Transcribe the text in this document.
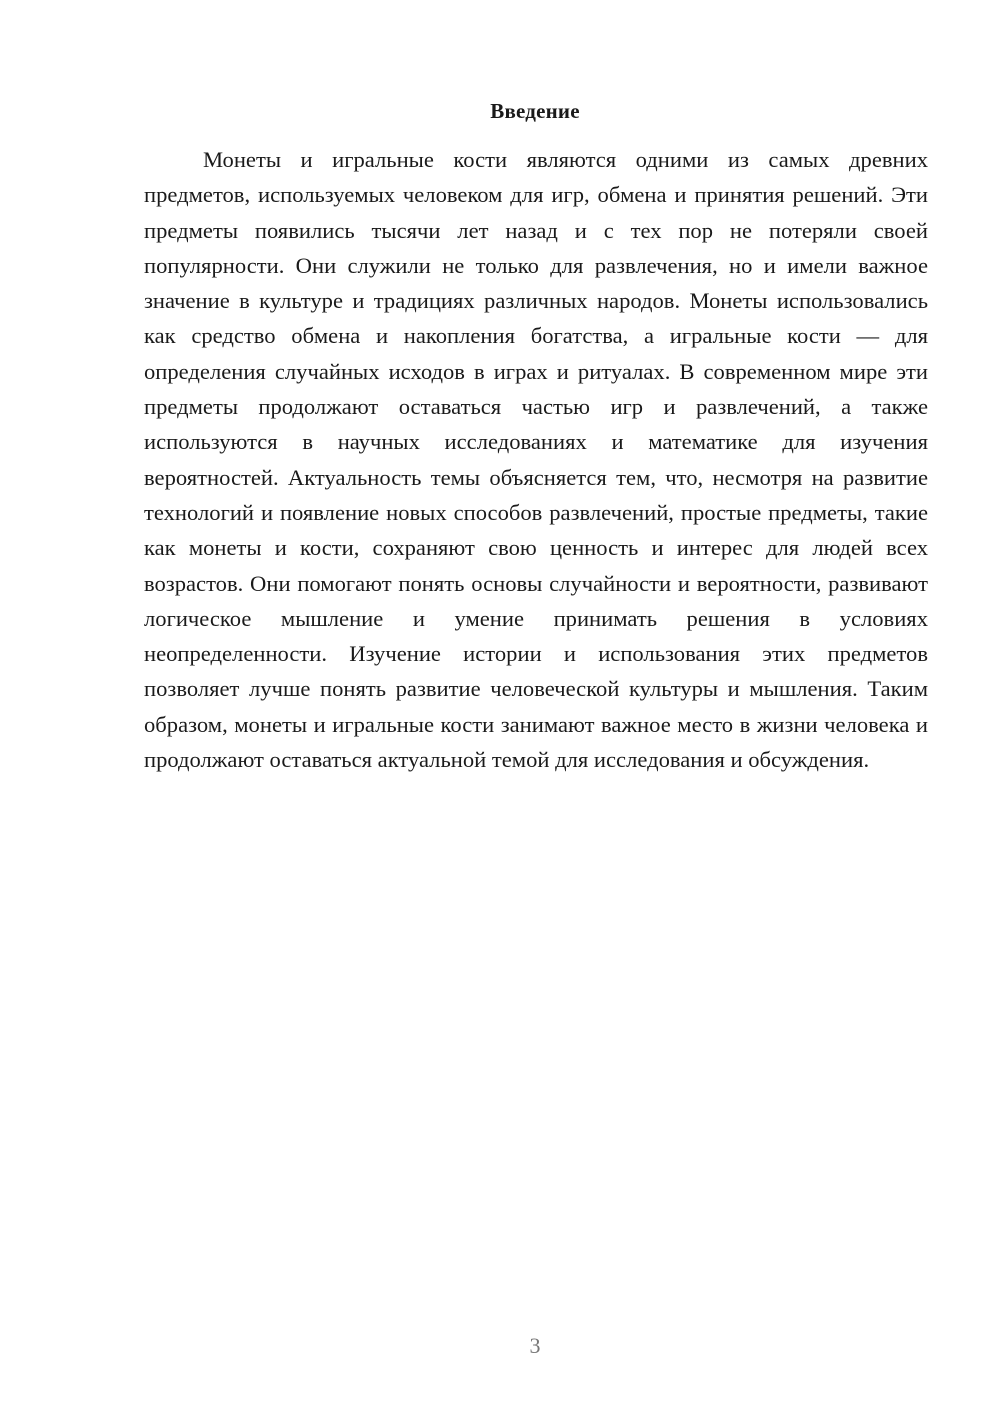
Введение

Монеты и игральные кости являются одними из самых древних предметов, используемых человеком для игр, обмена и принятия решений. Эти предметы появились тысячи лет назад и с тех пор не потеряли своей популярности. Они служили не только для развлечения, но и имели важное значение в культуре и традициях различных народов. Монеты использовались как средство обмена и накопления богатства, а игральные кости — для определения случайных исходов в играх и ритуалах. В современном мире эти предметы продолжают оставаться частью игр и развлечений, а также используются в научных исследованиях и математике для изучения вероятностей. Актуальность темы объясняется тем, что, несмотря на развитие технологий и появление новых способов развлечений, простые предметы, такие как монеты и кости, сохраняют свою ценность и интерес для людей всех возрастов. Они помогают понять основы случайности и вероятности, развивают логическое мышление и умение принимать решения в условиях неопределенности. Изучение истории и использования этих предметов позволяет лучше понять развитие человеческой культуры и мышления. Таким образом, монеты и игральные кости занимают важное место в жизни человека и продолжают оставаться актуальной темой для исследования и обсуждения.

3
